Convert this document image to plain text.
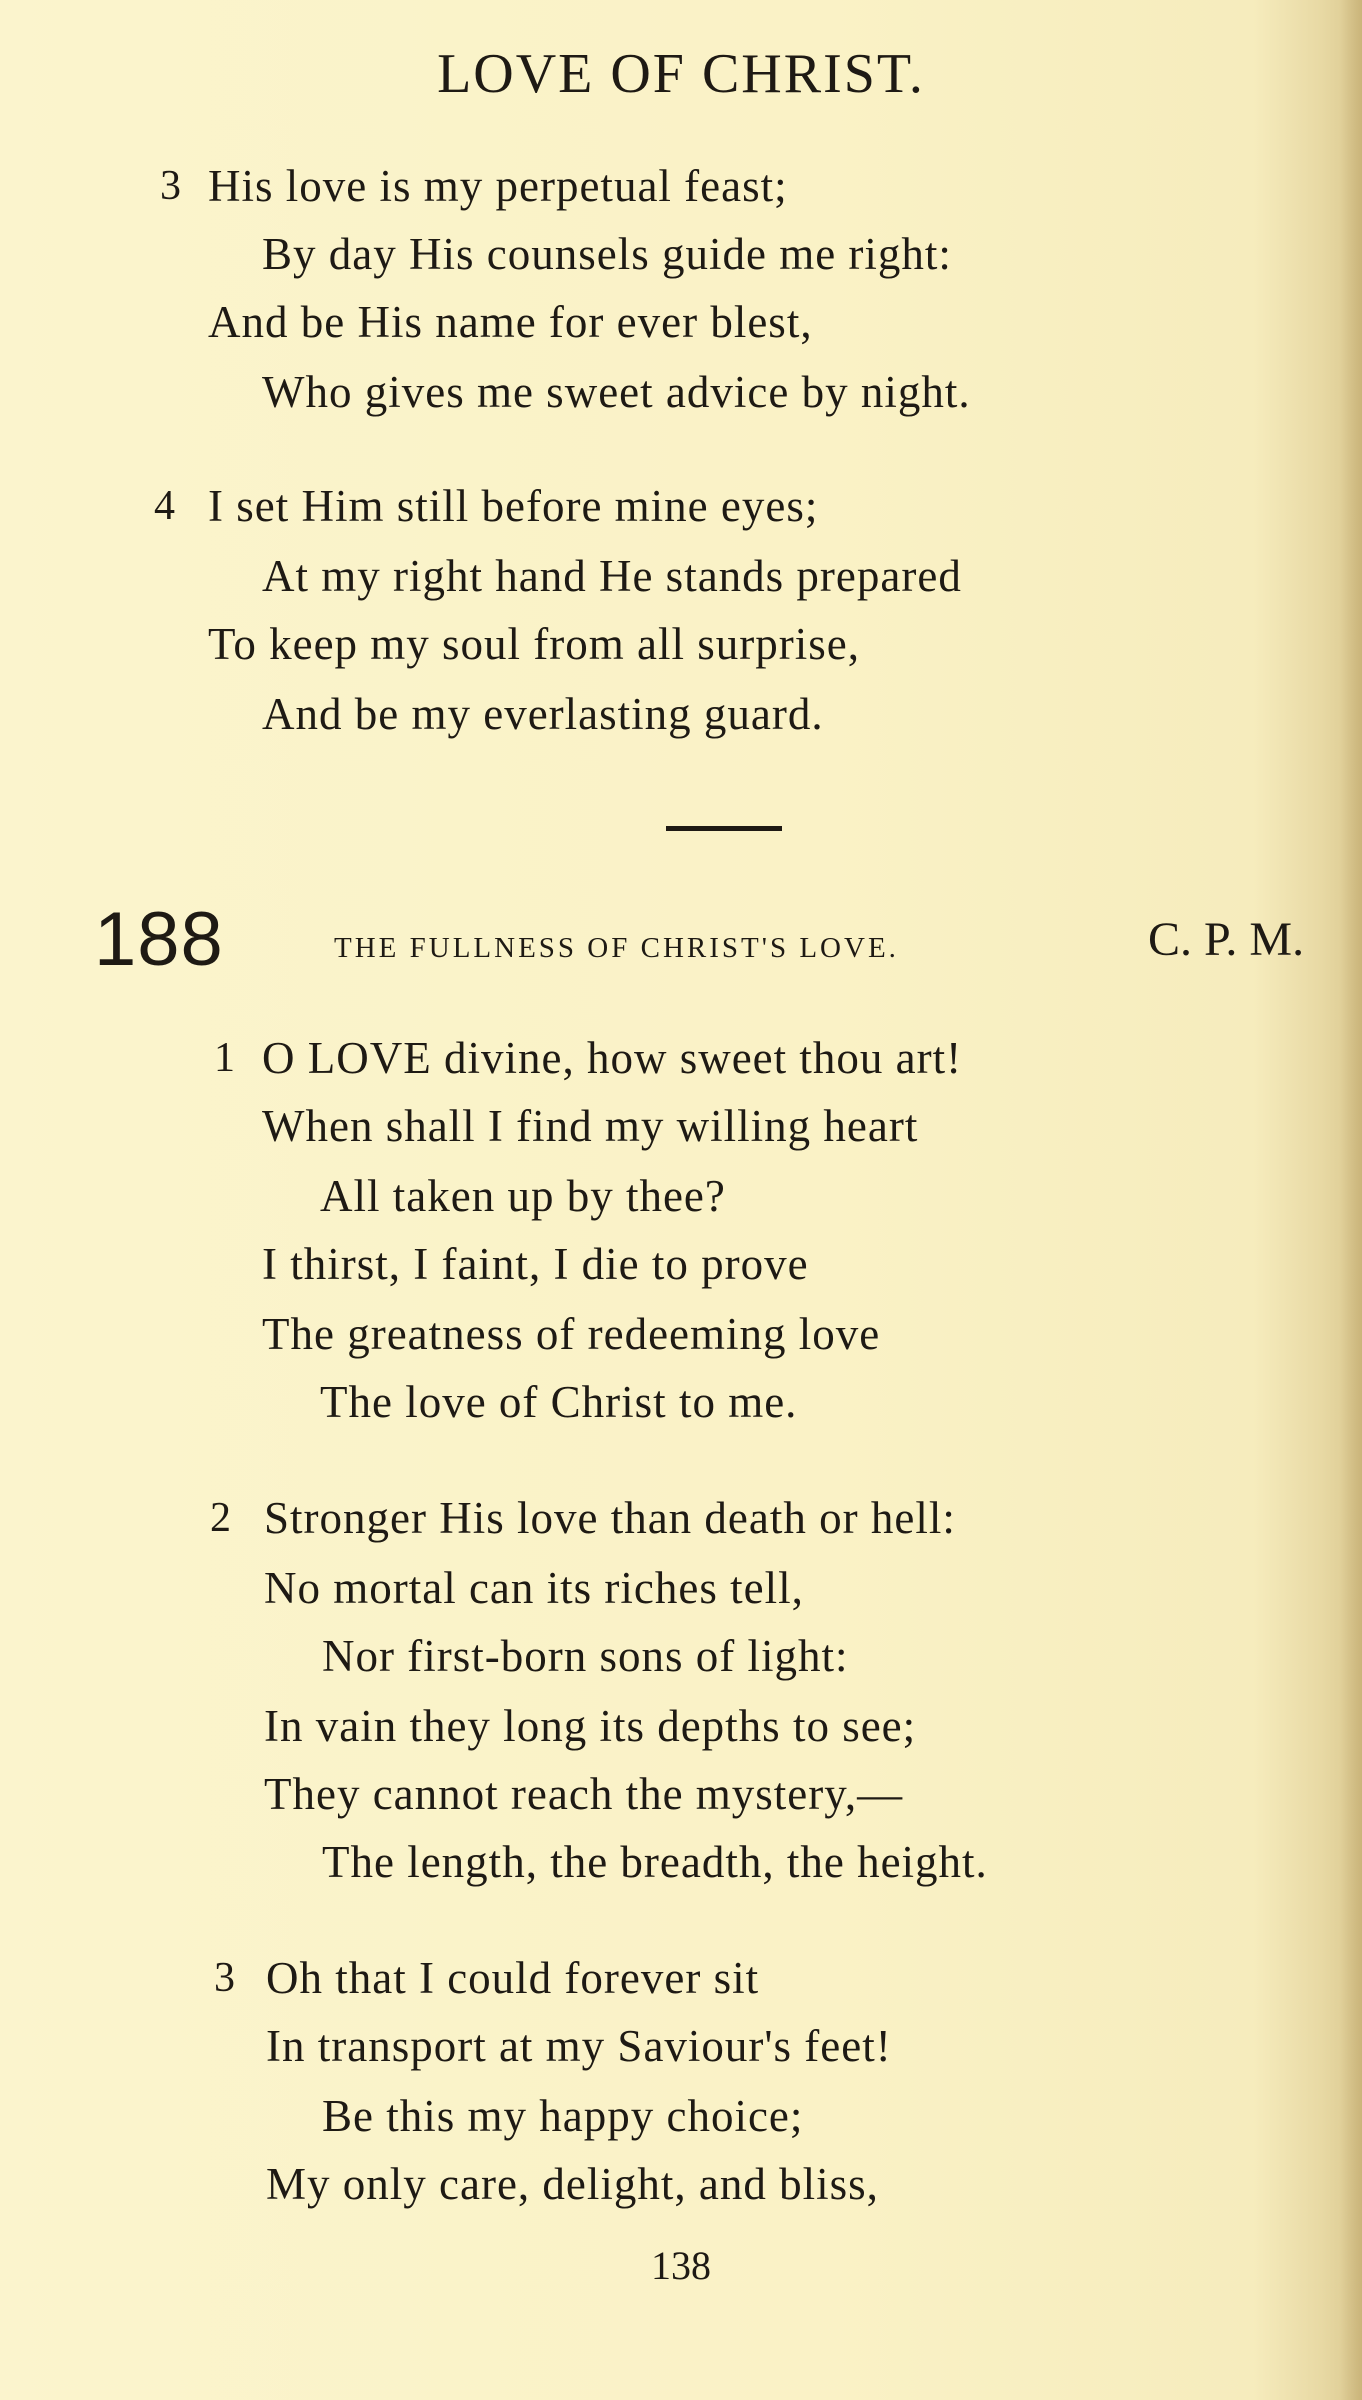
LOVE OF CHRIST.
3 His love is my perpetual feast;
By day His counsels guide me right:
And be His name for ever blest,
Who gives me sweet advice by night.
4 I set Him still before mine eyes;
At my right hand He stands prepared
To keep my soul from all surprise,
And be my everlasting guard.
188	THE FULLNESS OF CHRIST'S LOVE.	C. P. M.
1 O LOVE divine, how sweet thou art!
When shall I find my willing heart
All taken up by thee?
I thirst, I faint, I die to prove
The greatness of redeeming love
The love of Christ to me.
2 Stronger His love than death or hell:
No mortal can its riches tell,
Nor first-born sons of light:
In vain they long its depths to see;
They cannot reach the mystery,—
The length, the breadth, the height.
3 Oh that I could forever sit
In transport at my Saviour's feet!
Be this my happy choice;
My only care, delight, and bliss,
138
